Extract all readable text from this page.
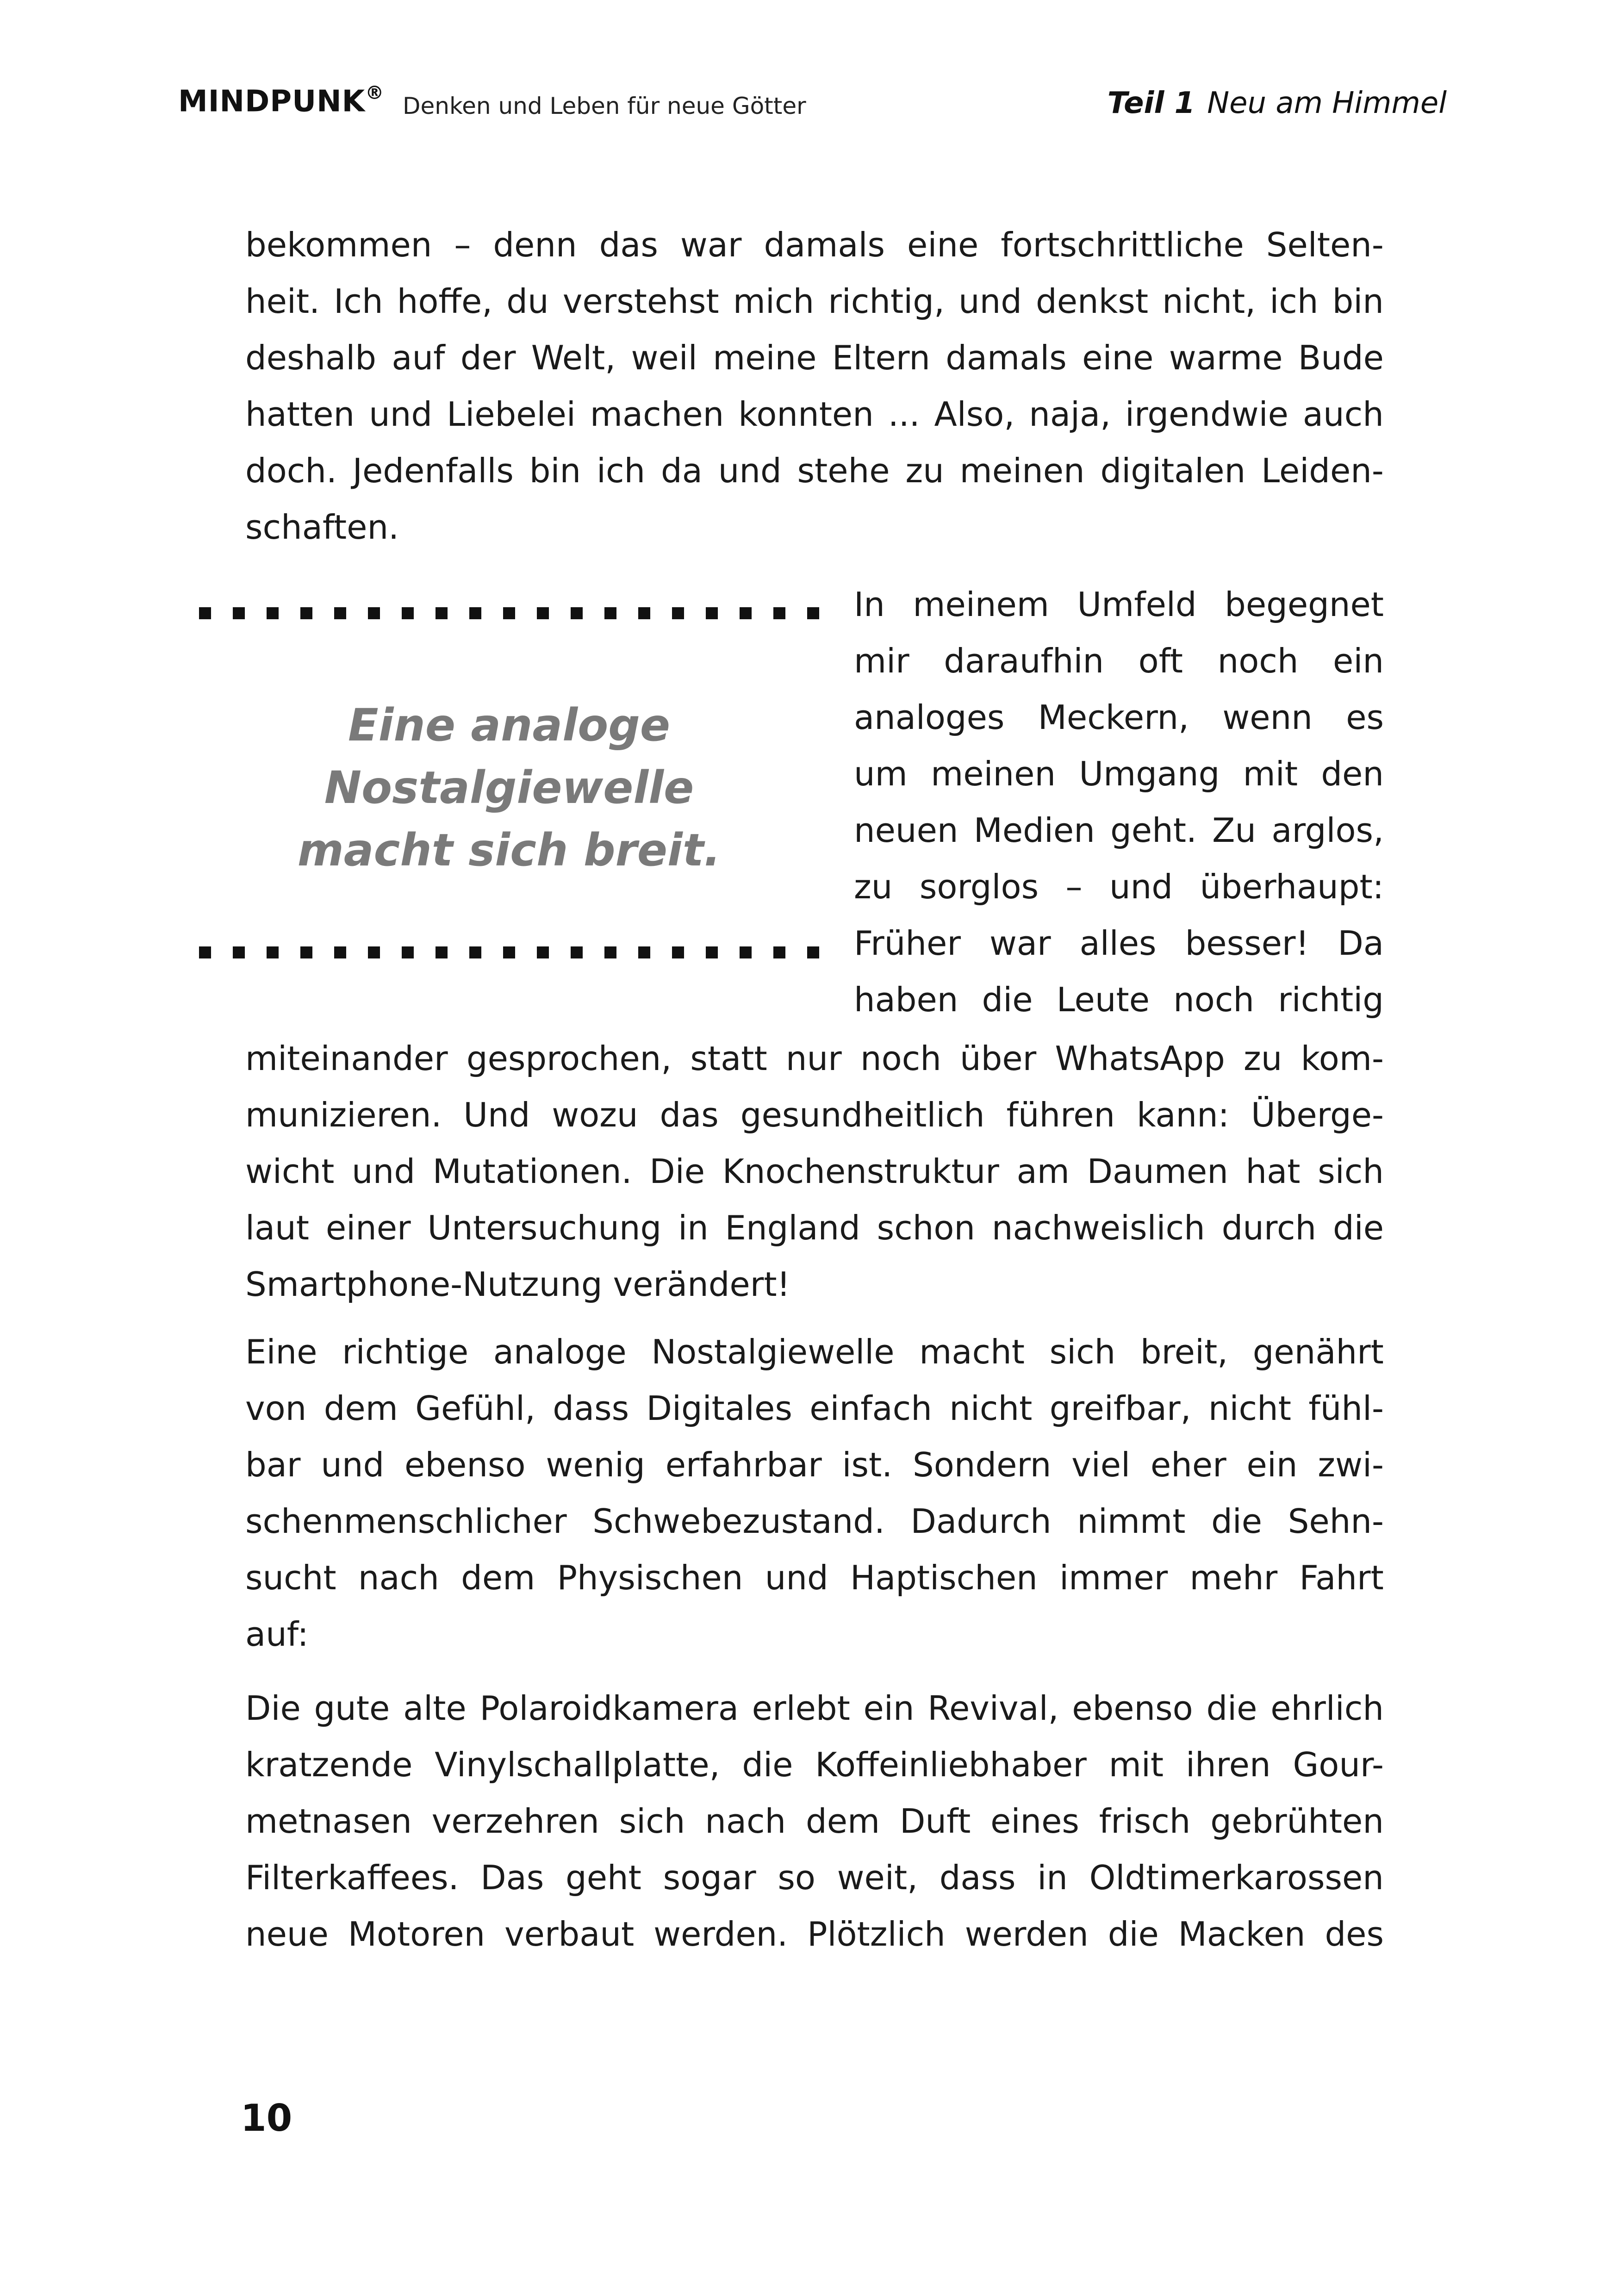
MINDPUNK® Denken und Leben für neue Götter	Teil 1 Neu am Himmel
bekommen – denn das war damals eine fortschrittliche Selten-
heit. Ich hoffe, du verstehst mich richtig, und denkst nicht, ich bin
deshalb auf der Welt, weil meine Eltern damals eine warme Bude
hatten und Liebelei machen konnten ... Also, naja, irgendwie auch
doch. Jedenfalls bin ich da und stehe zu meinen digitalen Leiden-
schaften.
Eine analoge
Nostalgiewelle
macht sich breit.
In meinem Umfeld begegnet
mir daraufhin oft noch ein
analoges Meckern, wenn es
um meinen Umgang mit den
neuen Medien geht. Zu arglos,
zu sorglos – und überhaupt:
Früher war alles besser! Da
haben die Leute noch richtig
miteinander gesprochen, statt nur noch über WhatsApp zu kom-
munizieren. Und wozu das gesundheitlich führen kann: Überge-
wicht und Mutationen. Die Knochenstruktur am Daumen hat sich
laut einer Untersuchung in England schon nachweislich durch die
Smartphone-Nutzung verändert!
Eine richtige analoge Nostalgiewelle macht sich breit, genährt
von dem Gefühl, dass Digitales einfach nicht greifbar, nicht fühl-
bar und ebenso wenig erfahrbar ist. Sondern viel eher ein zwi-
schenmenschlicher Schwebezustand. Dadurch nimmt die Sehn-
sucht nach dem Physischen und Haptischen immer mehr Fahrt
auf:
Die gute alte Polaroidkamera erlebt ein Revival, ebenso die ehrlich
kratzende Vinylschallplatte, die Koffeinliebhaber mit ihren Gour-
metnasen verzehren sich nach dem Duft eines frisch gebrühten
Filterkaffees. Das geht sogar so weit, dass in Oldtimerkarossen
neue Motoren verbaut werden. Plötzlich werden die Macken des
10
